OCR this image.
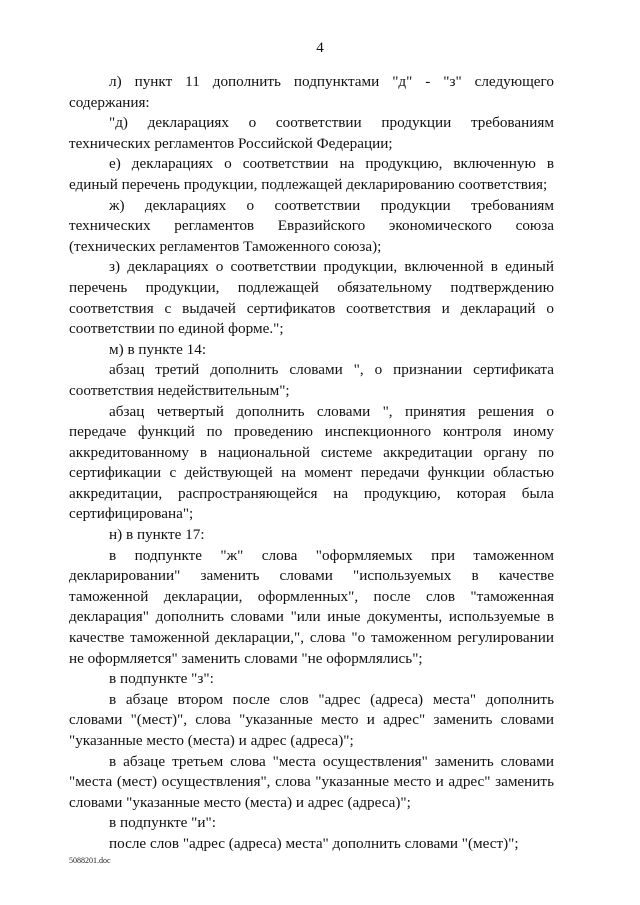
4

л) пункт 11 дополнить подпунктами "д" - "з" следующего содержания:

"д) декларациях о соответствии продукции требованиям технических регламентов Российской Федерации;

е) декларациях о соответствии на продукцию, включенную в единый перечень продукции, подлежащей декларированию соответствия;

ж) декларациях о соответствии продукции требованиям технических регламентов Евразийского экономического союза (технических регламентов Таможенного союза);

з) декларациях о соответствии продукции, включенной в единый перечень продукции, подлежащей обязательному подтверждению соответствия с выдачей сертификатов соответствия и деклараций о соответствии по единой форме.";

м) в пункте 14:

абзац третий дополнить словами ", о признании сертификата соответствия недействительным";

абзац четвертый дополнить словами ", принятия решения о передаче функций по проведению инспекционного контроля иному аккредитованному в национальной системе аккредитации органу по сертификации с действующей на момент передачи функции областью аккредитации, распространяющейся на продукцию, которая была сертифицирована";

н) в пункте 17:

в подпункте "ж" слова "оформляемых при таможенном декларировании" заменить словами "используемых в качестве таможенной декларации, оформленных", после слов "таможенная декларация" дополнить словами "или иные документы, используемые в качестве таможенной декларации,", слова "о таможенном регулировании не оформляется" заменить словами "не оформлялись";

в подпункте "з":

в абзаце втором после слов "адрес (адреса) места" дополнить словами "(мест)", слова "указанные место и адрес" заменить словами "указанные место (места) и адрес (адреса)";

в абзаце третьем слова "места осуществления" заменить словами "места (мест) осуществления", слова "указанные место и адрес" заменить словами "указанные место (места) и адрес (адреса)";

в подпункте "и":

после слов "адрес (адреса) места" дополнить словами "(мест)";

5088201.doc
